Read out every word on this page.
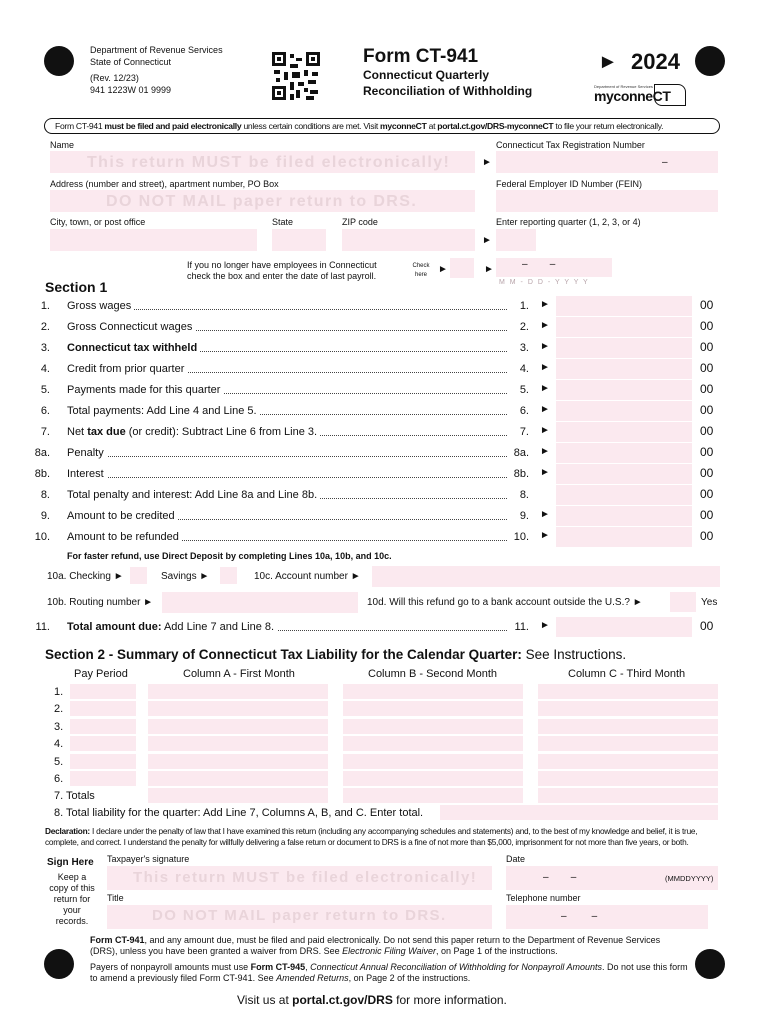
Department of Revenue Services
State of Connecticut
(Rev. 12/23)
941 1223W 01 9999
Form CT-941
Connecticut Quarterly
Reconciliation of Withholding
► 2024
Department of Revenue Services
myconneCT
Form CT-941 must be filed and paid electronically unless certain conditions are met. Visit myconneCT at portal.ct.gov/DRS-myconneCT to file your return electronically.
Name
This return MUST be filed electronically!	►
Connecticut Tax Registration Number
–
Address (number and street), apartment number, PO Box
DO NOT MAIL paper return to DRS.
Federal Employer ID Number (FEIN)
City, town, or post office	State	ZIP code	Enter reporting quarter (1, 2, 3, or 4)
►
If you no longer have employees in Connecticut
check the box and enter the date of last payroll.
Check
here	►	►	–        –
M M - D D - Y Y Y Y
Section 1
1. Gross wages	1. ►	00
2. Gross Connecticut wages	2. ►	00
3. Connecticut tax withheld	3. ►	00
4. Credit from prior quarter	4. ►	00
5. Payments made for this quarter	5. ►	00
6. Total payments: Add Line 4 and Line 5.	6. ►	00
7. Net tax due (or credit): Subtract Line 6 from Line 3.	7. ►	00
8a. Penalty	8a. ►	00
8b. Interest	8b. ►	00
8. Total penalty and interest: Add Line 8a and Line 8b.	8.	00
9. Amount to be credited	9. ►	00
10. Amount to be refunded	10. ►	00
For faster refund, use Direct Deposit by completing Lines 10a, 10b, and 10c.
10a. Checking ►	Savings ►	10c. Account number ►
10b. Routing number ►	10d. Will this refund go to a bank account outside the U.S.? ►	Yes
11. Total amount due: Add Line 7 and Line 8.	11. ►	00
Section 2 - Summary of Connecticut Tax Liability for the Calendar Quarter: See Instructions.
Pay Period	Column A - First Month	Column B - Second Month	Column C - Third Month
1.
2.
3.
4.
5.
6.
7. Totals
8. Total liability for the quarter: Add Line 7, Columns A, B, and C. Enter total.
Declaration: I declare under the penalty of law that I have examined this return (including any accompanying schedules and statements) and, to the best of my knowledge and belief, it is true, complete, and correct. I understand the penalty for willfully delivering a false return or document to DRS is a fine of not more than $5,000, imprisonment for not more than five years, or both.
Sign Here
Keep a copy of this return for your records.
Taxpayer's signature
This return MUST be filed electronically!
Date
–        –	(MMDDYYYY)
Title
DO NOT MAIL paper return to DRS.
Telephone number
–         –
Form CT-941, and any amount due, must be filed and paid electronically. Do not send this paper return to the Department of Revenue Services (DRS), unless you have been granted a waiver from DRS. See Electronic Filing Waiver, on Page 1 of the instructions.
Payers of nonpayroll amounts must use Form CT-945, Connecticut Annual Reconciliation of Withholding for Nonpayroll Amounts. Do not use this form to amend a previously filed Form CT-941. See Amended Returns, on Page 2 of the instructions.
Visit us at portal.ct.gov/DRS for more information.
